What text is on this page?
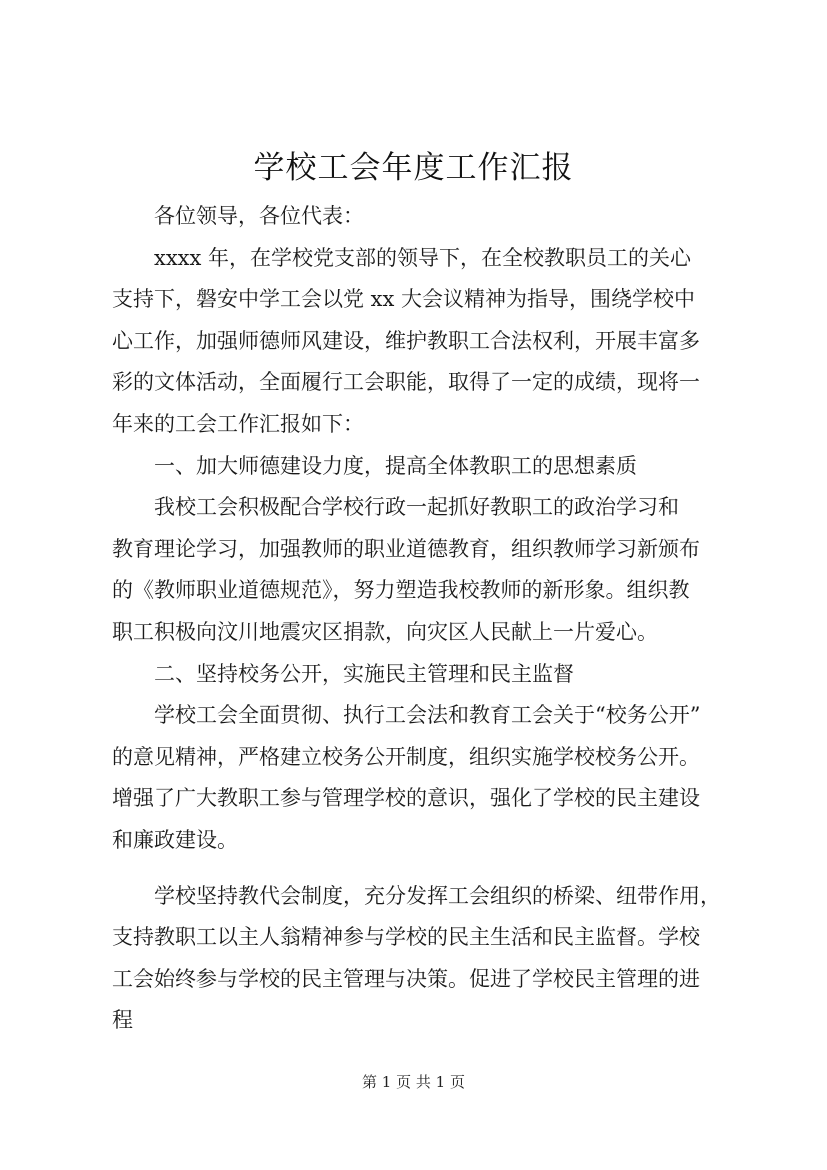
学校工会年度工作汇报
各位领导，各位代表：
xxxx 年，在学校党支部的领导下，在全校教职员工的关心
支持下，磐安中学工会以党 xx 大会议精神为指导，围绕学校中
心工作，加强师德师风建设，维护教职工合法权利，开展丰富多
彩的文体活动，全面履行工会职能，取得了一定的成绩，现将一
年来的工会工作汇报如下：
一、加大师德建设力度，提高全体教职工的思想素质
我校工会积极配合学校行政一起抓好教职工的政治学习和
教育理论学习，加强教师的职业道德教育，组织教师学习新颁布
的《教师职业道德规范》，努力塑造我校教师的新形象。组织教
职工积极向汶川地震灾区捐款，向灾区人民献上一片爱心。
二、坚持校务公开，实施民主管理和民主监督
学校工会全面贯彻、执行工会法和教育工会关于“校务公开”
的意见精神，严格建立校务公开制度，组织实施学校校务公开。
增强了广大教职工参与管理学校的意识，强化了学校的民主建设
和廉政建设。
学校坚持教代会制度，充分发挥工会组织的桥梁、纽带作用，
支持教职工以主人翁精神参与学校的民主生活和民主监督。学校
工会始终参与学校的民主管理与决策。促进了学校民主管理的进
程
第 1 页 共 1 页
